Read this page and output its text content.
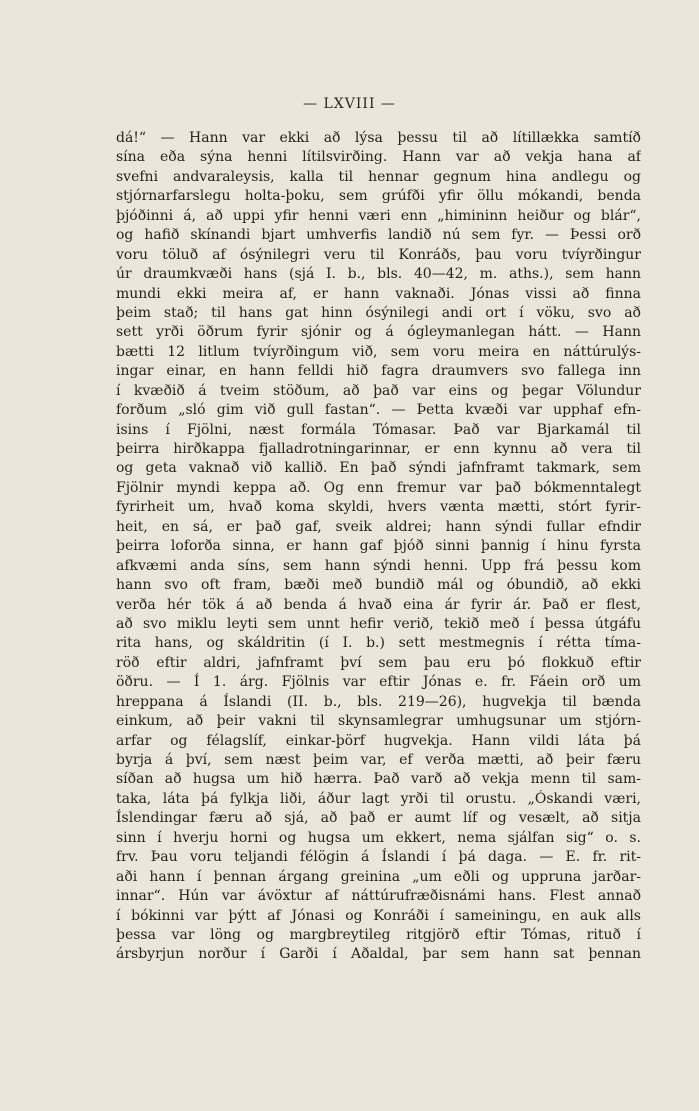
— LXVIII —
dá!“ — Hann var ekki að lýsa þessu til að lítillækka samtíð
sína eða sýna henni lítilsvirðing. Hann var að vekja hana af
svefni andvaraleysis, kalla til hennar gegnum hina andlegu og
stjórnarfarslegu holta-þoku, sem grúfði yfir öllu mókandi, benda
þjóðinni á, að uppi yfir henni væri enn „himininn heiður og blár“,
og hafið skínandi bjart umhverfis landið nú sem fyr. — Þessi orð
voru töluð af ósýnilegri veru til Konráðs, þau voru tvíyrðingur
úr draumkvæði hans (sjá I. b., bls. 40—42, m. aths.), sem hann
mundi ekki meira af, er hann vaknaði. Jónas vissi að finna
þeim stað; til hans gat hinn ósýnilegi andi ort í vöku, svo að
sett yrði öðrum fyrir sjónir og á ógleymanlegan hátt. — Hann
bætti 12 litlum tvíyrðingum við, sem voru meira en náttúrulýs-
ingar einar, en hann felldi hið fagra draumvers svo fallega inn
í kvæðið á tveim stöðum, að það var eins og þegar Völundur
forðum „sló gim við gull fastan“. — Þetta kvæði var upphaf efn-
isins í Fjölni, næst formála Tómasar. Það var Bjarkamál til
þeirra hirðkappa fjalladrotningarinnar, er enn kynnu að vera til
og geta vaknað við kallið. En það sýndi jafnframt takmark, sem
Fjölnir myndi keppa að. Og enn fremur var það bókmenntalegt
fyrirheit um, hvað koma skyldi, hvers vænta mætti, stórt fyrir-
heit, en sá, er það gaf, sveik aldrei; hann sýndi fullar efndir
þeirra loforða sinna, er hann gaf þjóð sinni þannig í hinu fyrsta
afkvæmi anda síns, sem hann sýndi henni. Upp frá þessu kom
hann svo oft fram, bæði með bundið mál og óbundið, að ekki
verða hér tök á að benda á hvað eina ár fyrir ár. Það er flest,
að svo miklu leyti sem unnt hefir verið, tekið með í þessa útgáfu
rita hans, og skáldritin (í I. b.) sett mestmegnis í rétta tíma-
röð eftir aldri, jafnframt því sem þau eru þó flokkuð eftir
öðru. — Í 1. árg. Fjölnis var eftir Jónas e. fr. Fáein orð um
hreppana á Íslandi (II. b., bls. 219—26), hugvekja til bænda
einkum, að þeir vakni til skynsamlegrar umhugsunar um stjórn-
arfar og félagslíf, einkar-þörf hugvekja. Hann vildi láta þá
byrja á því, sem næst þeim var, ef verða mætti, að þeir færu
síðan að hugsa um hið hærra. Það varð að vekja menn til sam-
taka, láta þá fylkja liði, áður lagt yrði til orustu. „Óskandi væri,
Íslendingar færu að sjá, að það er aumt líf og vesælt, að sitja
sinn í hverju horni og hugsa um ekkert, nema sjálfan sig“ o. s.
frv. Þau voru teljandi félögin á Íslandi í þá daga. — E. fr. rit-
aði hann í þennan árgang greinina „um eðli og uppruna jarðar-
innar“. Hún var ávöxtur af náttúrufræðisnámi hans. Flest annað
í bókinni var þýtt af Jónasi og Konráði í sameiningu, en auk alls
þessa var löng og margbreytileg ritgjörð eftir Tómas, rituð í
ársbyrjun norður í Garði í Aðaldal, þar sem hann sat þennan
